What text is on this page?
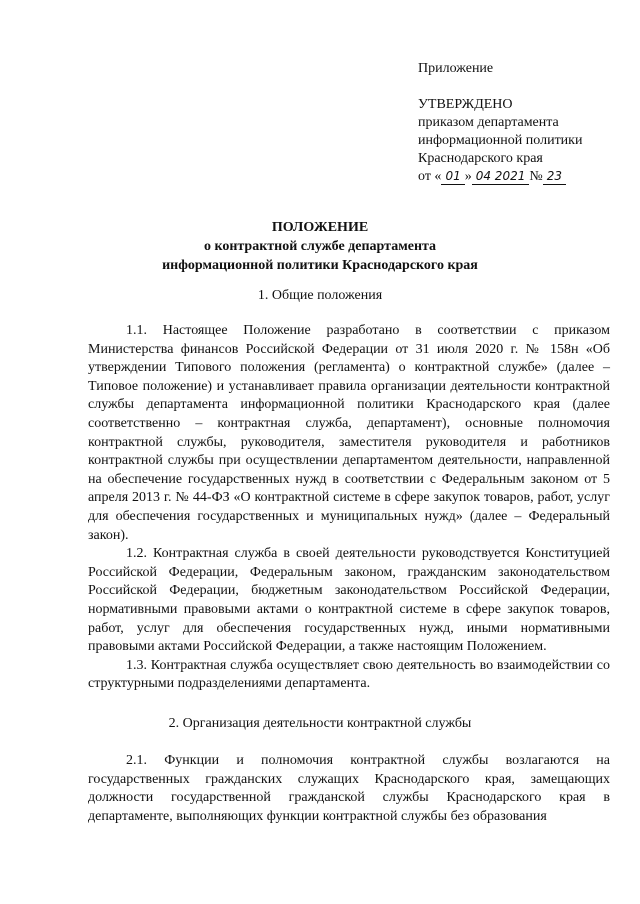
Приложение
УТВЕРЖДЕНО
приказом департамента
информационной политики
Краснодарского края
от « 01 » 04 2021 № 23
ПОЛОЖЕНИЕ
о контрактной службе департамента
информационной политики Краснодарского края
1. Общие положения

1.1. Настоящее Положение разработано в соответствии с приказом Министерства финансов Российской Федерации от 31 июля 2020 г. № 158н «Об утверждении Типового положения (регламента) о контрактной службе» (далее – Типовое положение) и устанавливает правила организации деятельности контрактной службы департамента информационной политики Краснодарского края (далее соответственно – контрактная служба, департамент), основные полномочия контрактной службы, руководителя, заместителя руководителя и работников контрактной службы при осуществлении департаментом деятельности, направленной на обеспечение государственных нужд в соответствии с Федеральным законом от 5 апреля 2013 г. № 44-ФЗ «О контрактной системе в сфере закупок товаров, работ, услуг для обеспечения государственных и муниципальных нужд» (далее – Федеральный закон).

1.2. Контрактная служба в своей деятельности руководствуется Конституцией Российской Федерации, Федеральным законом, гражданским законодательством Российской Федерации, бюджетным законодательством Российской Федерации, нормативными правовыми актами о контрактной системе в сфере закупок товаров, работ, услуг для обеспечения государственных нужд, иными нормативными правовыми актами Российской Федерации, а также настоящим Положением.

1.3. Контрактная служба осуществляет свою деятельность во взаимодействии со структурными подразделениями департамента.

2. Организация деятельности контрактной службы

2.1. Функции и полномочия контрактной службы возлагаются на государственных гражданских служащих Краснодарского края, замещающих должности государственной гражданской службы Краснодарского края в департаменте, выполняющих функции контрактной службы без образования
